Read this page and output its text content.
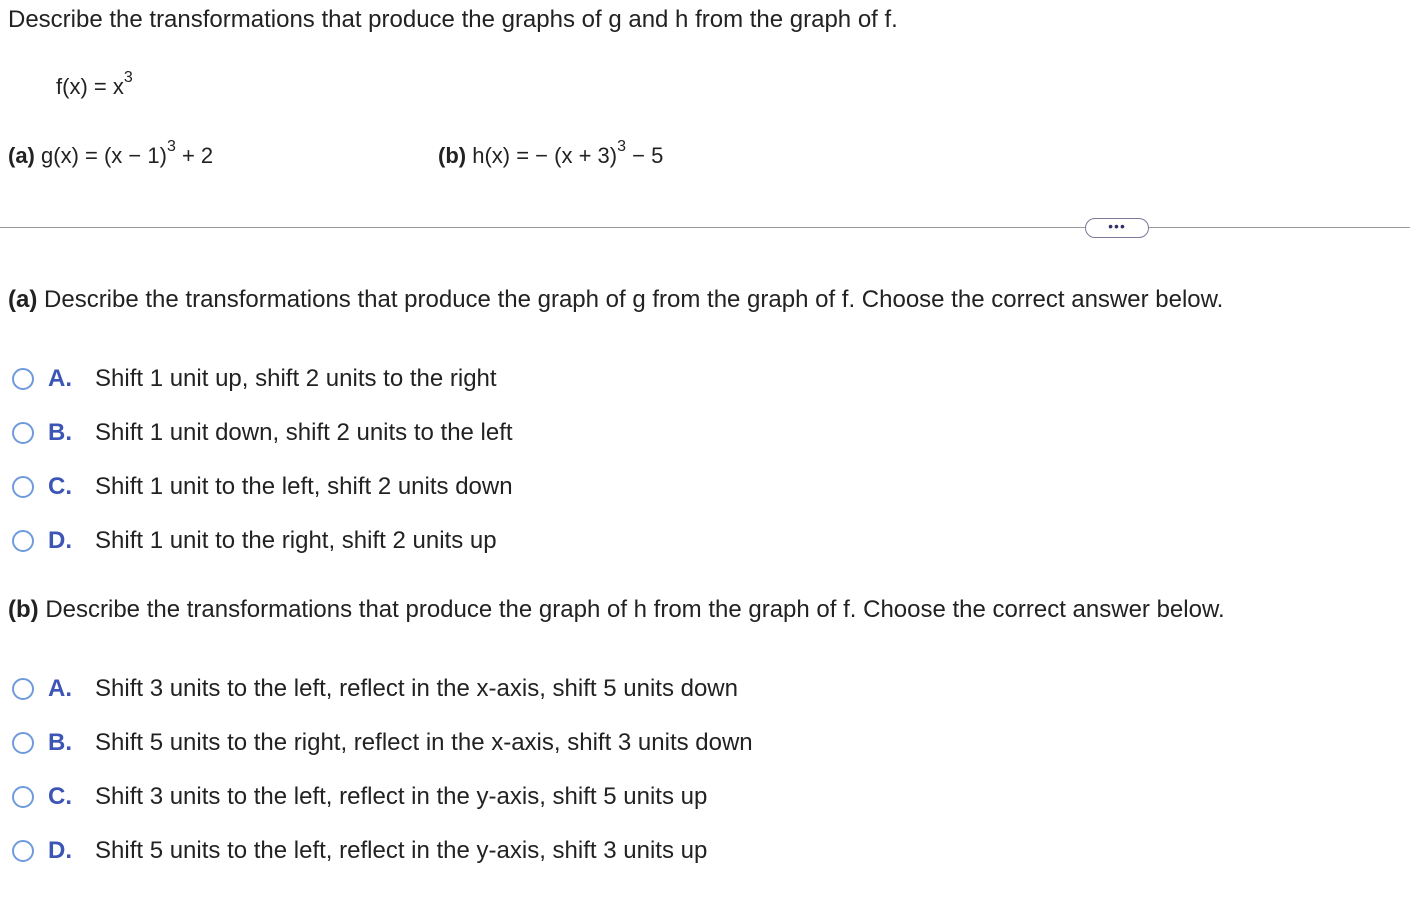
Describe the transformations that produce the graphs of g and h from the graph of f.
$f(x) = x^3$
(a) $g(x) = (x - 1)^3 + 2$	(b) h(x) = − $(x + 3)^3 - 5$
•••
(a) Describe the transformations that produce the graph of g from the graph of f. Choose the correct answer below.
A. Shift 1 unit up, shift 2 units to the right
B. Shift 1 unit down, shift 2 units to the left
C. Shift 1 unit to the left, shift 2 units down
D. Shift 1 unit to the right, shift 2 units up
(b) Describe the transformations that produce the graph of h from the graph of f. Choose the correct answer below.
A. Shift 3 units to the left, reflect in the x-axis, shift 5 units down
B. Shift 5 units to the right, reflect in the x-axis, shift 3 units down
C. Shift 3 units to the left, reflect in the y-axis, shift 5 units up
D. Shift 5 units to the left, reflect in the y-axis, shift 3 units up
